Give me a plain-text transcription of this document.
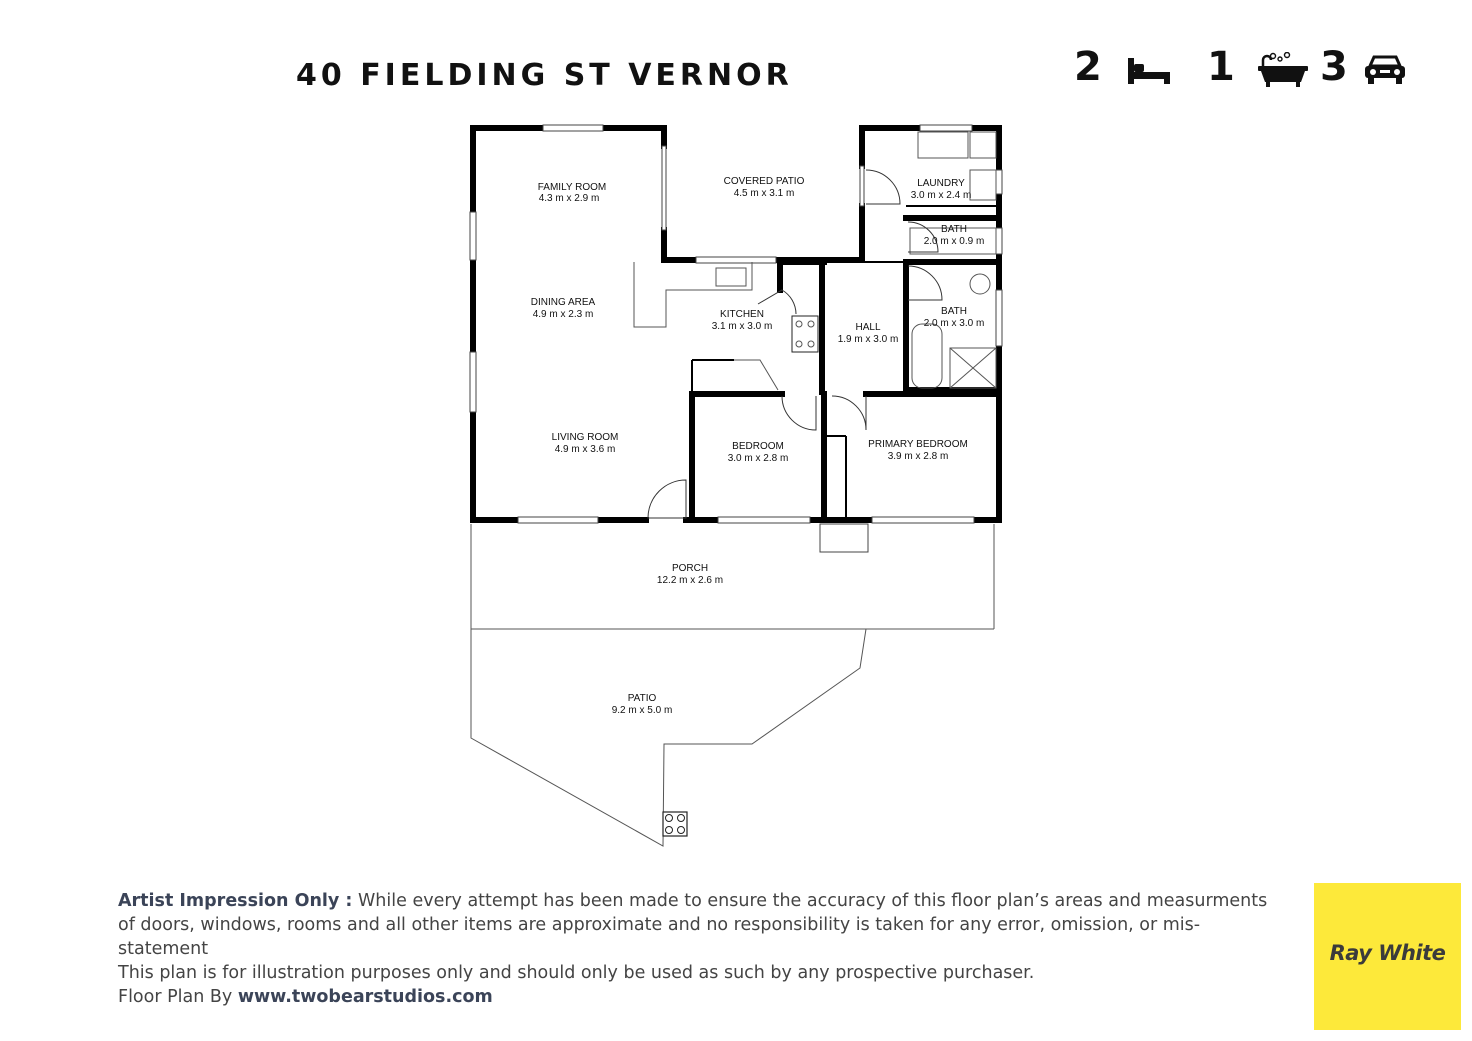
40 FIELDING ST VERNOR	2	1 3
FAMILY ROOM
4.3 m x 2.9 m
COVERED PATIO
4.5 m x 3.1 m
LAUNDRY
3.0 m x 2.4 m
BATH
2.0 m x 0.9 m
BATH
2.0 m x 3.0 m
DINING AREA
4.9 m x 2.3 m	KITCHEN
3.1 m x 3.0 m	HALL
1.9 m x 3.0 m
LIVING ROOM
4.9 m x 3.6 m	BEDROOM
3.0 m x 2.8 m
PRIMARY BEDROOM
3.9 m x 2.8 m
PORCH
12.2 m x 2.6 m
PATIO
9.2 m x 5.0 m
Artist Impression Only : While every attempt has been made to ensure the accuracy of this floor plan’s areas and measurments
of doors, windows, rooms and all other items are approximate and no responsibility is taken for any error, omission, or mis-statement
This plan is for illustration purposes only and should only be used as such by any prospective purchaser.
Floor Plan By www.twobearstudios.com
Ray White
